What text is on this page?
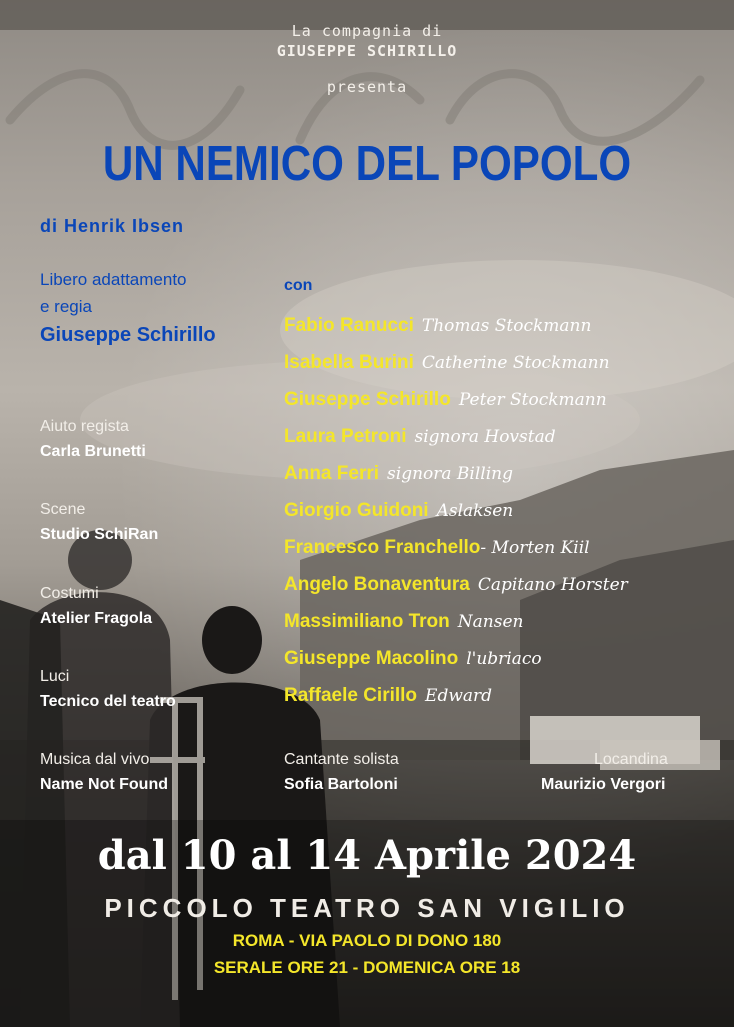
La compagnia di
GIUSEPPE SCHIRILLO
presenta
UN NEMICO DEL POPOLO
di Henrik Ibsen
Libero adattamento
e regia
Giuseppe Schirillo
Aiuto regista
Carla Brunetti
Scene
Studio SchiRan
Costumi
Atelier Fragola
Luci
Tecnico del teatro
Musica dal vivo
Name Not Found
Cantante solista
Sofia Bartoloni
Locandina
Maurizio Vergori
con
Fabio Ranucci Thomas Stockmann
Isabella Burini Catherine Stockmann
Giuseppe Schirillo Peter Stockmann
Laura Petroni signora Hovstad
Anna Ferri signora Billing
Giorgio Guidoni Aslaksen
Francesco Franchello- Morten Kiil
Angelo Bonaventura Capitano Horster
Massimiliano Tron Nansen
Giuseppe Macolino l'ubriaco
Raffaele Cirillo Edward
dal 10 al 14 Aprile 2024
PICCOLO TEATRO SAN VIGILIO
ROMA - VIA PAOLO DI DONO 180
SERALE ORE 21 - DOMENICA ORE 18
